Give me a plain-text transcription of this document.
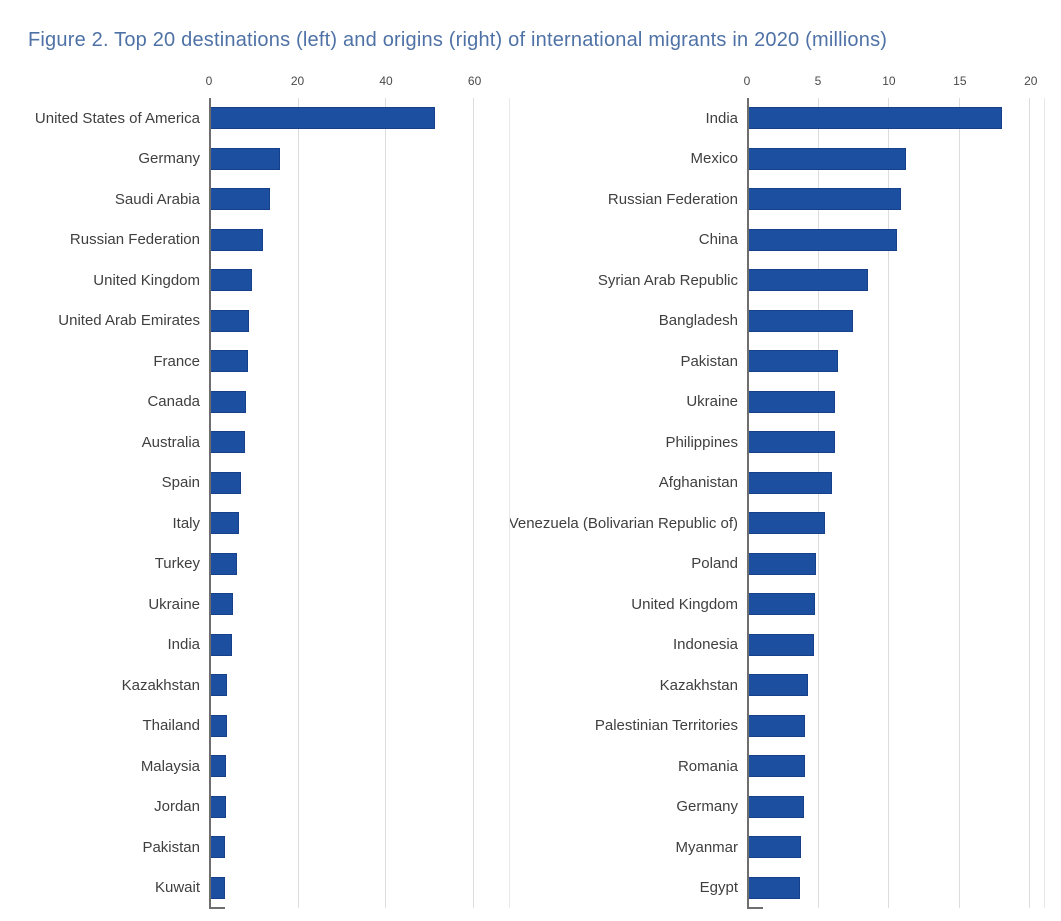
Figure 2. Top 20 destinations (left) and origins (right) of international migrants in 2020 (millions)
0	20	40	60
United States of America
Germany
Saudi Arabia
Russian Federation
United Kingdom
United Arab Emirates
France
Canada
Australia
Spain
Italy
Turkey
Ukraine
India
Kazakhstan
Thailand
Malaysia
Jordan
Pakistan
Kuwait
0	5	10	15	20
India
Mexico
Russian Federation
China
Syrian Arab Republic
Bangladesh
Pakistan
Ukraine
Philippines
Afghanistan
Venezuela (Bolivarian Republic of)
Poland
United Kingdom
Indonesia
Kazakhstan
Palestinian Territories
Romania
Germany
Myanmar
Egypt
